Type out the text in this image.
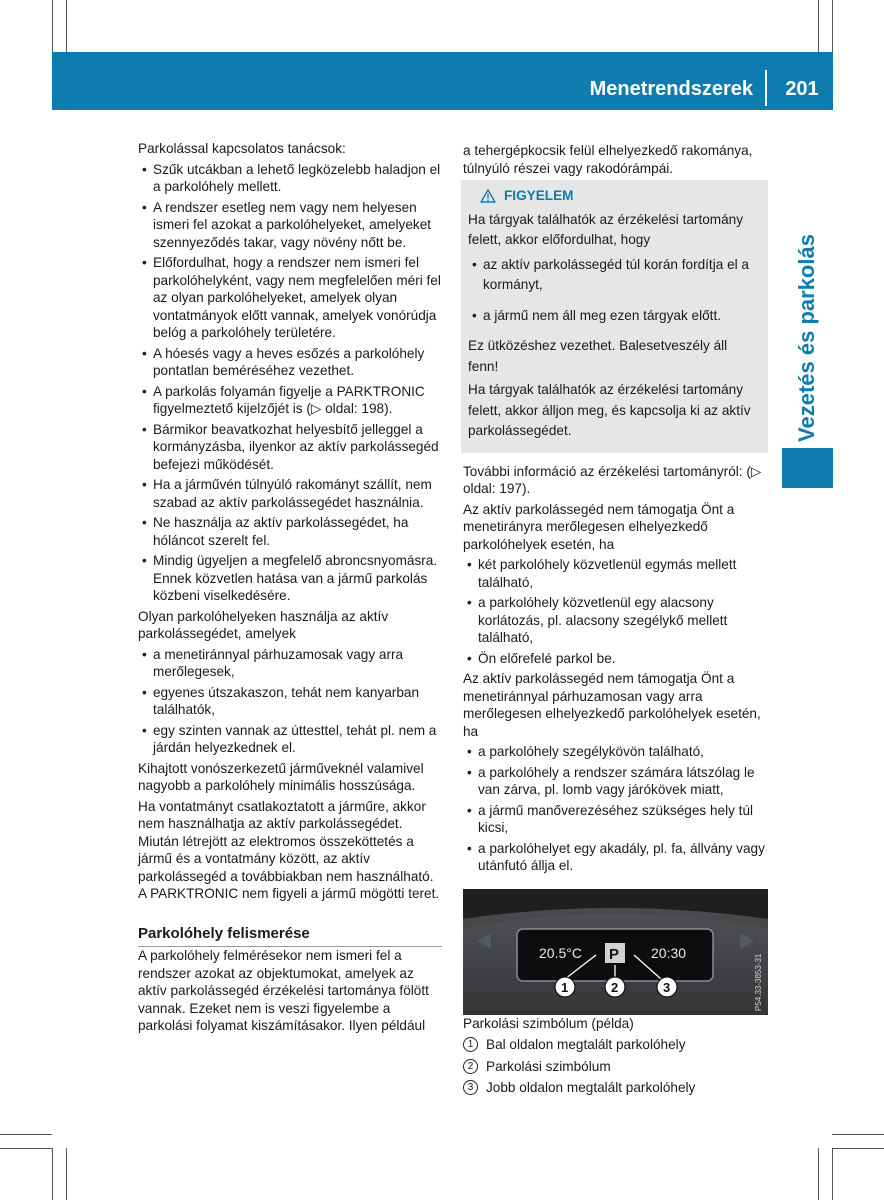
Menetrendszerek	201
Vezetés és parkolás

Parkolással kapcsolatos tanácsok:

• Szűk utcákban a lehető legközelebb haladjon el a parkolóhely mellett.
• A rendszer esetleg nem vagy nem helyesen ismeri fel azokat a parkolóhelyeket, amelyeket szennyeződés takar, vagy növény nőtt be.
• Előfordulhat, hogy a rendszer nem ismeri fel parkolóhelyként, vagy nem megfelelően méri fel az olyan parkolóhelyeket, amelyek olyan vontatmányok előtt vannak, amelyek vonórúdja belóg a parkolóhely területére.
• A hóesés vagy a heves esőzés a parkolóhely pontatlan beméréséhez vezethet.
• A parkolás folyamán figyelje a PARKTRONIC figyelmeztető kijelzőjét is (▷ oldal: 198).
• Bármikor beavatkozhat helyesbítő jelleggel a kormányzásba, ilyenkor az aktív parkolássegéd befejezi működését.
• Ha a járművén túlnyúló rakományt szállít, nem szabad az aktív parkolássegédet használnia.
• Ne használja az aktív parkolássegédet, ha hóláncot szerelt fel.
• Mindig ügyeljen a megfelelő abroncsnyomásra. Ennek közvetlen hatása van a jármű parkolás közbeni viselkedésére.

Olyan parkolóhelyeken használja az aktív parkolássegédet, amelyek

• a menetiránnyal párhuzamosak vagy arra merőlegesek,
• egyenes útszakaszon, tehát nem kanyarban találhatók,
• egy szinten vannak az úttesttel, tehát pl. nem a járdán helyezkednek el.

Kihajtott vonószerkezetű járműveknél valamivel nagyobb a parkolóhely minimális hosszúsága.

Ha vontatmányt csatlakoztatott a járműre, akkor nem használhatja az aktív parkolássegédet. Miután létrejött az elektromos összeköttetés a jármű és a vontatmány között, az aktív parkolássegéd a továbbiakban nem használható. A PARKTRONIC nem figyeli a jármű mögötti teret.

Parkolóhely felismerése

A parkolóhely felmérésekor nem ismeri fel a rendszer azokat az objektumokat, amelyek az aktív parkolássegéd érzékelési tartománya fölött vannak. Ezeket nem is veszi figyelembe a parkolási folyamat kiszámításakor. Ilyen például

a tehergépkocsik felül elhelyezkedő rakománya, túlnyúló részei vagy rakodórámpái.

FIGYELEM

Ha tárgyak találhatók az érzékelési tartomány felett, akkor előfordulhat, hogy

• az aktív parkolássegéd túl korán fordítja el a kormányt,
• a jármű nem áll meg ezen tárgyak előtt.

Ez ütközéshez vezethet. Balesetveszély áll fenn!

Ha tárgyak találhatók az érzékelési tartomány felett, akkor álljon meg, és kapcsolja ki az aktív parkolássegédet.

További információ az érzékelési tartományról: (▷ oldal: 197).

Az aktív parkolássegéd nem támogatja Önt a menetirányra merőlegesen elhelyezkedő parkolóhelyek esetén, ha

• két parkolóhely közvetlenül egymás mellett található,
• a parkolóhely közvetlenül egy alacsony korlátozás, pl. alacsony szegélykő mellett található,
• Ön előrefelé parkol be.

Az aktív parkolássegéd nem támogatja Önt a menetiránnyal párhuzamosan vagy arra merőlegesen elhelyezkedő parkolóhelyek esetén, ha

• a parkolóhely szegélykövön található,
• a parkolóhely a rendszer számára látszólag le van zárva, pl. lomb vagy járókövek miatt,
• a jármű manőverezéséhez szükséges hely túl kicsi,
• a parkolóhelyet egy akadály, pl. fa, állvány vagy utánfutó állja el.
20.5°C P 20:30
1	2	3	P54.33-3853-31

Parkolási szimbólum (példa)

1 Bal oldalon megtalált parkolóhely
2 Parkolási szimbólum
3 Jobb oldalon megtalált parkolóhely
